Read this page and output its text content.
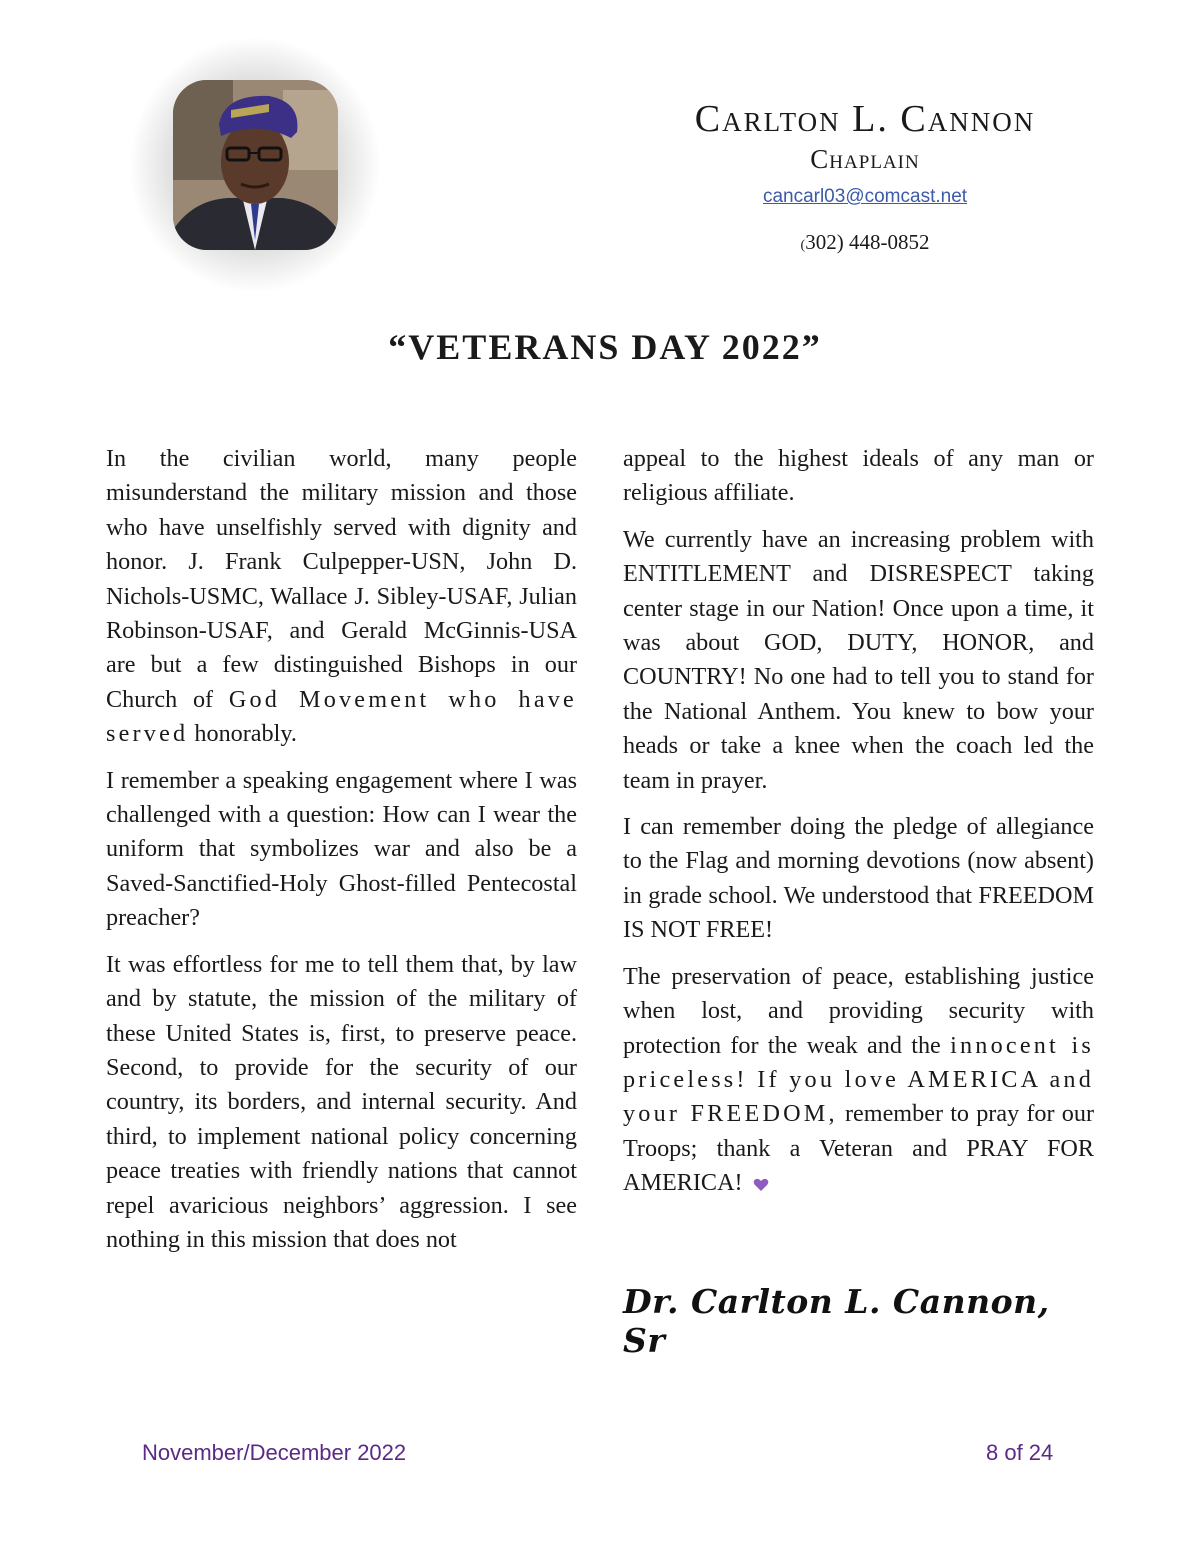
Carlton L. Cannon
Chaplain
cancarl03@comcast.net
(302) 448-0852
“VETERANS DAY 2022”

In the civilian world, many people misunderstand the military mission and those who have unselfishly served with dignity and honor. J. Frank Culpepper-USN, John D. Nichols-USMC, Wallace J. Sibley-USAF, Julian Robinson-USAF, and Gerald McGinnis-USA are but a few distinguished Bishops in our Church of God Movement who have served honorably.

I remember a speaking engagement where I was challenged with a question: How can I wear the uniform that symbolizes war and also be a Saved-Sanctified-Holy Ghost-filled Pentecostal preacher?

It was effortless for me to tell them that, by law and by statute, the mission of the military of these United States is, first, to preserve peace. Second, to provide for the security of our country, its borders, and internal security. And third, to implement national policy concerning peace treaties with friendly nations that cannot repel avaricious neighbors’ aggression. I see nothing in this mission that does not

appeal to the highest ideals of any man or religious affiliate.

We currently have an increasing problem with ENTITLEMENT and DISRESPECT taking center stage in our Nation! Once upon a time, it was about GOD, DUTY, HONOR, and COUNTRY! No one had to tell you to stand for the National Anthem. You knew to bow your heads or take a knee when the coach led the team in prayer.

I can remember doing the pledge of allegiance to the Flag and morning devotions (now absent) in grade school. We understood that FREEDOM IS NOT FREE!

The preservation of peace, establishing justice when lost, and providing security with protection for the weak and the innocent is priceless! If you love AMERICA and your FREEDOM, remember to pray for our Troops; thank a Veteran and PRAY FOR AMERICA!

Dr. Carlton L. Cannon, Sr
November/December 2022	8 of 24
